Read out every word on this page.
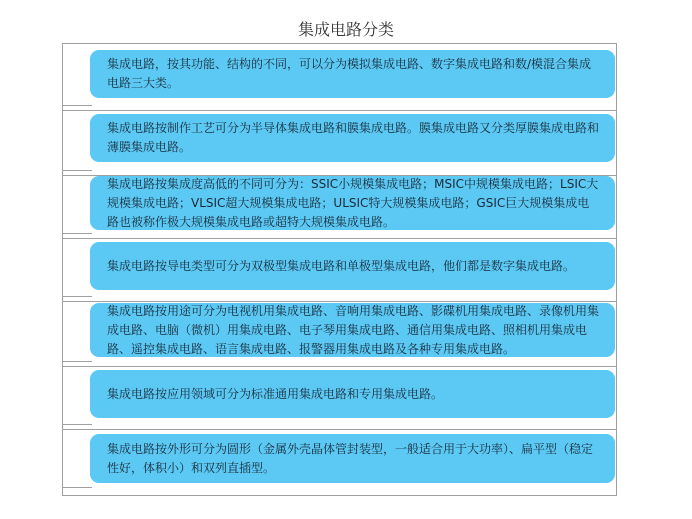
集成电路分类
集成电路，按其功能、结构的不同，可以分为模拟集成电路、数字集成电路和数/模混合集成电路三大类。
集成电路按制作工艺可分为半导体集成电路和膜集成电路。膜集成电路又分类厚膜集成电路和薄膜集成电路。
集成电路按集成度高低的不同可分为：SSIC小规模集成电路；MSIC中规模集成电路；LSIC大规模集成电路；VLSIC超大规模集成电路；ULSIC特大规模集成电路；GSIC巨大规模集成电路也被称作极大规模集成电路或超特大规模集成电路。
集成电路按导电类型可分为双极型集成电路和单极型集成电路，他们都是数字集成电路。
集成电路按用途可分为电视机用集成电路、音响用集成电路、影碟机用集成电路、录像机用集成电路、电脑（微机）用集成电路、电子琴用集成电路、通信用集成电路、照相机用集成电路、遥控集成电路、语言集成电路、报警器用集成电路及各种专用集成电路。
集成电路按应用领域可分为标准通用集成电路和专用集成电路。
集成电路按外形可分为圆形（金属外壳晶体管封装型，一般适合用于大功率）、扁平型（稳定性好，体积小）和双列直插型。
